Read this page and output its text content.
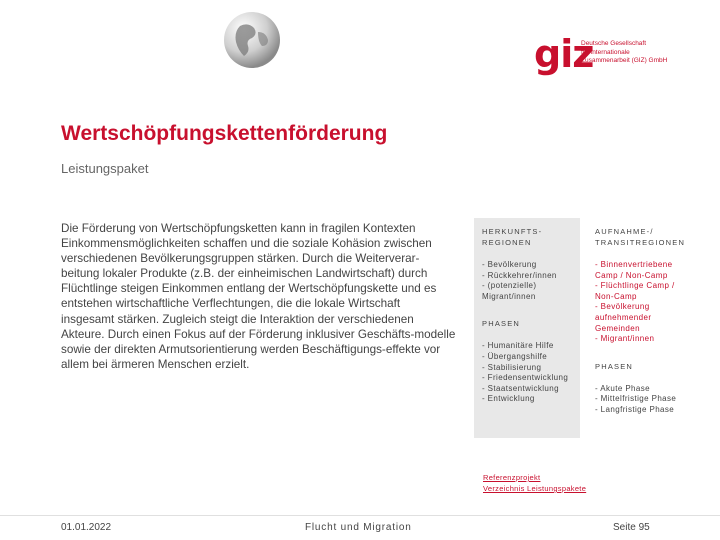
giz
Deutsche Gesellschaft
für Internationale
Zusammenarbeit (GIZ) GmbH
Wertschöpfungskettenförderung
Leistungspaket

Die Förderung von Wertschöpfungsketten kann in fragilen Kontexten Einkommensmöglichkeiten schaffen und die soziale Kohäsion zwischen verschiedenen Bevölkerungsgruppen stärken. Durch die Weiterverar-beitung lokaler Produkte (z.B. der einheimischen Landwirtschaft) durch Flüchtlinge steigen Einkommen entlang der Wertschöpfungskette und es entstehen wirtschaftliche Verflechtungen, die die lokale Wirtschaft insgesamt stärken. Zugleich steigt die Interaktion der verschiedenen Akteure. Durch einen Fokus auf der Förderung inklusiver Geschäfts-modelle sowie der direkten Armutsorientierung werden Beschäftigungs-effekte vor allem bei ärmeren Menschen erzielt.

HERKUNFTS-REGIONEN
- Bevölkerung
- Rückkehrer/innen
- (potenzielle) Migrant/innen
PHASEN
- Humanitäre Hilfe
- Übergangshilfe
- Stabilisierung
- Friedensentwicklung
- Staatsentwicklung
- Entwicklung
AUFNAHME-/ TRANSITREGIONEN
- Binnenvertriebene Camp / Non-Camp
- Flüchtlinge Camp / Non-Camp
- Bevölkerung aufnehmender Gemeinden
- Migrant/innen
PHASEN
- Akute Phase
- Mittelfristige Phase
- Langfristige Phase
Referenzprojekt
Verzeichnis Leistungspakete
01.01.2022	Flucht und Migration	Seite 95
